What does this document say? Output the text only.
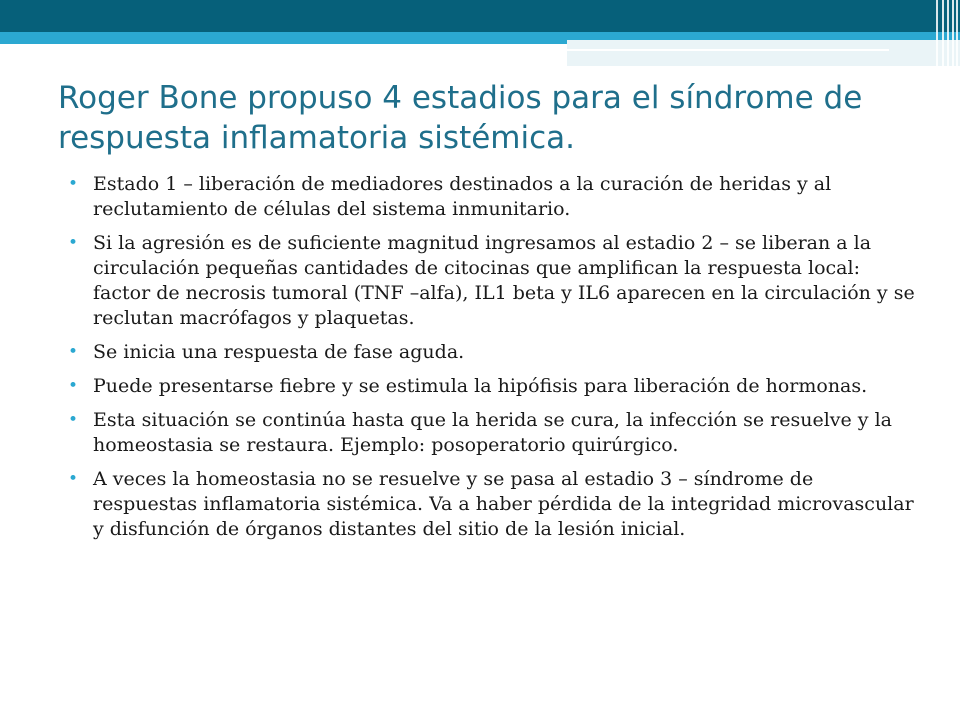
Roger Bone propuso 4 estadios para el síndrome de respuesta inflamatoria sistémica.
• Estado 1 – liberación de mediadores destinados a la curación de heridas y al reclutamiento de células del sistema inmunitario.
• Si la agresión es de suficiente magnitud ingresamos al estadio 2 – se liberan a la circulación pequeñas cantidades de citocinas que amplifican la respuesta local: factor de necrosis tumoral (TNF –alfa), IL1 beta y IL6 aparecen en la circulación y se reclutan macrófagos y plaquetas.
• Se inicia una respuesta de fase aguda.
• Puede presentarse fiebre y se estimula la hipófisis para liberación de hormonas.
• Esta situación se continúa hasta que la herida se cura, la infección se resuelve y la homeostasia se restaura. Ejemplo: posoperatorio quirúrgico.
• A veces la homeostasia no se resuelve y se pasa al estadio 3 – síndrome de respuestas inflamatoria sistémica. Va a haber pérdida de la integridad microvascular y disfunción de órganos distantes del sitio de la lesión inicial.
